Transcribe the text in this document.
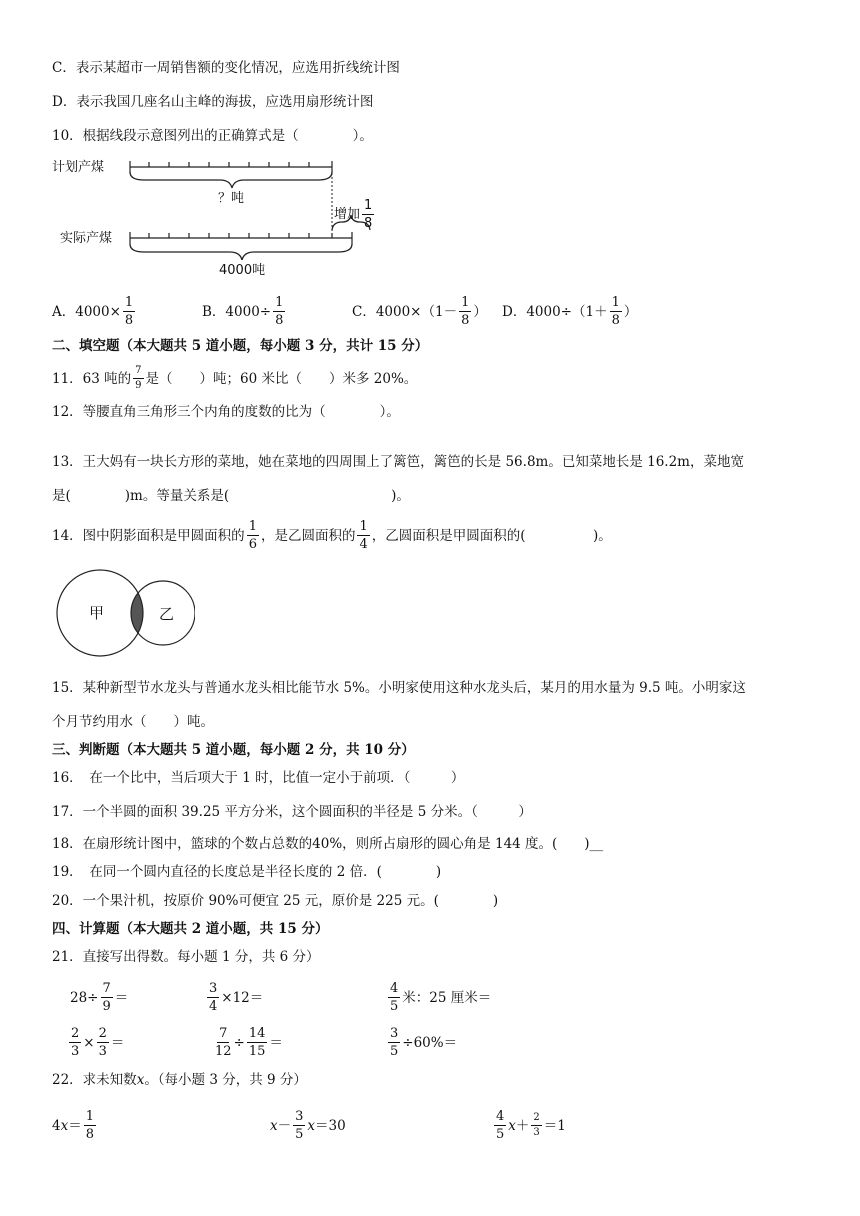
C．表示某超市一周销售额的变化情况，应选用折线统计图
D．表示我国几座名山主峰的海拔，应选用扇形统计图
10．根据线段示意图列出的正确算式是（　　　　）。
计划产煤
？吨
增加 $\frac{1}{8}$
实际产煤
4000吨
A．$4000\times \frac{1}{8}$	B．$4000\div \frac{1}{8}$	C．$4000\times(1- \frac{1}{8}$ ） D．$4000\div(1+ \frac{1}{8}$ ）
二、填空题（本大题共 5 道小题，每小题 3 分，共计 15 分）
11．63 吨的 $\frac{7}{9}$ 是（　　）吨；60 米比（　　）米多 20%。
12．等腰直角三角形三个内角的度数的比为（　　　　）。
13．王大妈有一块长方形的菜地，她在菜地的四周围上了篱笆，篱笆的长是 56.8m。已知菜地长是 16.2m，菜地宽
是(　　　　)m。等量关系是(　　　　　　　　　　　　)。
14．图中阴影面积是甲圆面积的 $\frac{1}{6}$ ，是乙圆面积的 $\frac{1}{4}$ ，乙圆面积是甲圆面积的(　　　　　)。
甲	乙
15．某种新型节水龙头与普通水龙头相比能节水 5%。小明家使用这种水龙头后，某月的用水量为 9.5 吨。小明家这
个月节约用水（　　）吨。
三、判断题（本大题共 5 道小题，每小题 2 分，共 10 分）
16．　在一个比中，当后项大于 1 时，比值一定小于前项．（　　　）
17．一个半圆的面积 39.25 平方分米，这个圆面积的半径是 5 分米。（　　　）
18．在扇形统计图中，篮球的个数占总数的40%，则所占扇形的圆心角是 144 度。(　　)__
19．　在同一个圆内直径的长度总是半径长度的 2 倍．(　　　　)
20．一个果汁机，按原价 90%可便宜 25 元，原价是 225 元。(　　　　)
四、计算题（本大题共 2 道小题，共 15 分）
21．直接写出得数。每小题 1 分，共 6 分）
$28\div \frac{7}{9}$ ＝	$\frac{3}{4} \times 12=$	$\frac{4}{5}$ 米：25 厘米＝
$\frac{2}{3} \times \frac{2}{3}$ ＝	$\frac{7}{12} \div \frac{14}{15}$ ＝	$\frac{3}{5} \div 60\%=$
22．求未知数 x 。（每小题 3 分，共 9 分）
4 $x = \frac{1}{8}$	$x - \frac{3}{5}$ x ＝30	$\frac{4}{5}$ $x + \frac{2}{3} =1$
